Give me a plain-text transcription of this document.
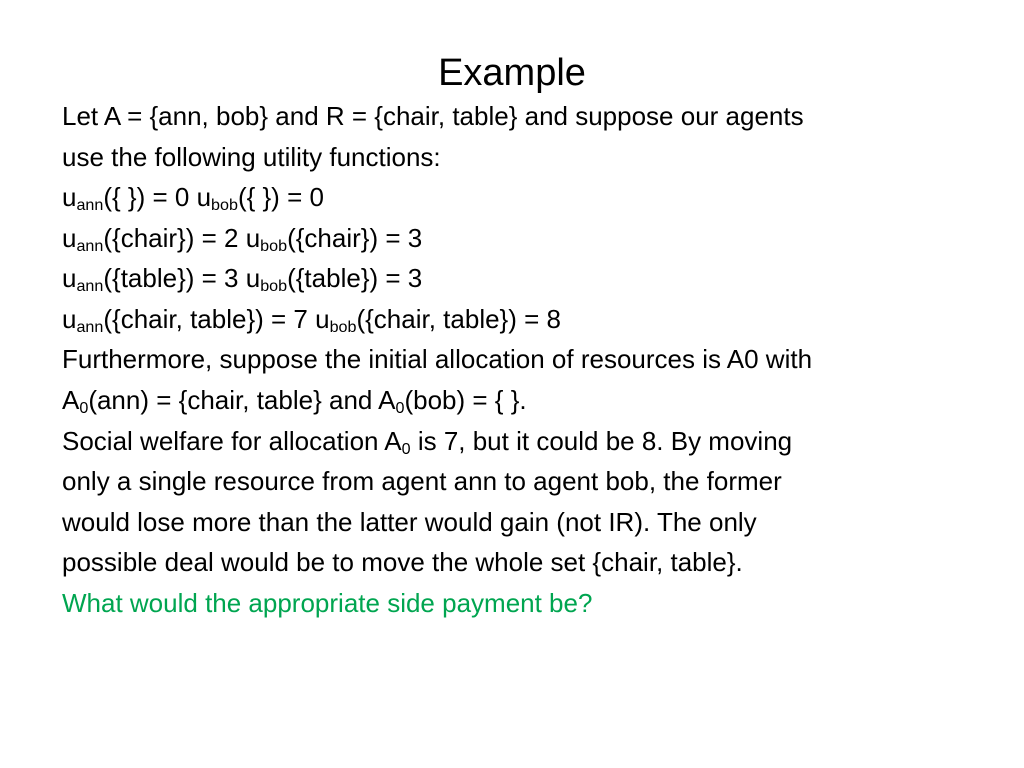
Example
Let A = {ann, bob} and R = {chair, table} and suppose our agents
use the following utility functions:
$u_{ann}$({ }) = 0 $u_{bob}$({ }) = 0
$u_{ann}(\{chair\}) = 2$ $u_{bob}(\{chair\}) = 3$
$u_{ann}(\{table\}) = 3$ $u_{bob}(\{table\}) = 3$
$u_{ann}(\{chair$, table}) = 7 $u_{bob}(\{chair$, table}) = 8
Furthermore, suppose the initial allocation of resources is A0 with
$A_0(ann)$ = {chair, table} and $A_0(bob)$ = { }.
Social welfare for allocation $A_0$ is 7, but it could be 8. By moving
only a single resource from agent ann to agent bob, the former
would lose more than the latter would gain (not IR). The only
possible deal would be to move the whole set {chair, table}.
What would the appropriate side payment be?
